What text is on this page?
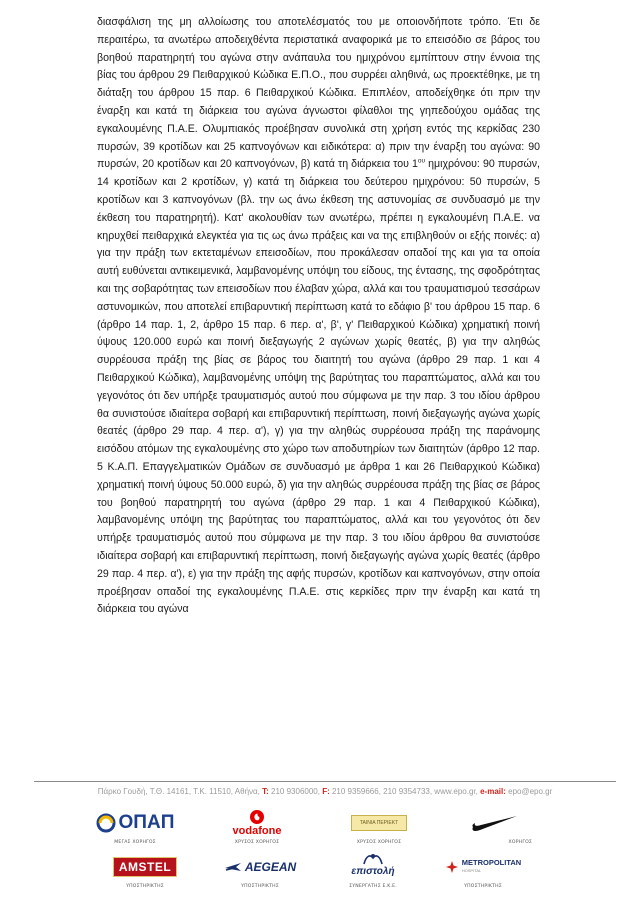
διασφάλιση της μη αλλοίωσης του αποτελέσματός του με οποιονδήποτε τρόπο. Έτι δε περαιτέρω, τα ανωτέρω αποδειχθέντα περιστατικά αναφορικά με το επεισόδιο σε βάρος του βοηθού παρατηρητή του αγώνα στην ανάπαυλα του ημιχρόνου εμπίπτουν στην έννοια της βίας του άρθρου 29 Πειθαρχικού Κώδικα Ε.Π.Ο., που συρρέει αληθινά, ως προεκτέθηκε, με τη διάταξη του άρθρου 15 παρ. 6 Πειθαρχικού Κώδικα. Επιπλέον, αποδείχθηκε ότι πριν την έναρξη και κατά τη διάρκεια του αγώνα άγνωστοι φίλαθλοι της γηπεδούχου ομάδας της εγκαλουμένης Π.Α.Ε. Ολυμπιακός προέβησαν συνολικά στη χρήση εντός της κερκίδας 230 πυρσών, 39 κροτίδων και 25 καπνογόνων και ειδικότερα: α) πριν την έναρξη του αγώνα: 90 πυρσών, 20 κροτίδων και 20 καπνογόνων, β) κατά τη διάρκεια του $1^{o\upsilon}$ ημιχρόνου: 90 πυρσών, 14 κροτίδων και 2 κροτίδων, γ) κατά τη διάρκεια του δεύτερου ημιχρόνου: 50 πυρσών, 5 κροτίδων και 3 καπνογόνων (βλ. την ως άνω έκθεση της αστυνομίας σε συνδυασμό με την έκθεση του παρατηρητή). Κατ' ακολουθίαν των ανωτέρω, πρέπει η εγκαλουμένη Π.Α.Ε. να κηρυχθεί πειθαρχικά ελεγκτέα για τις ως άνω πράξεις και να της επιβληθούν οι εξής ποινές: α) για την πράξη των εκτεταμένων επεισοδίων, που προκάλεσαν οπαδοί της και για τα οποία αυτή ευθύνεται αντικειμενικά, λαμβανομένης υπόψη του είδους, της έντασης, της σφοδρότητας και της σοβαρότητας των επεισοδίων που έλαβαν χώρα, αλλά και του τραυματισμού τεσσάρων αστυνομικών, που αποτελεί επιβαρυντική περίπτωση κατά το εδάφιο β' του άρθρου 15 παρ. 6 (άρθρο 14 παρ. 1, 2, άρθρο 15 παρ. 6 περ. α', β', γ' Πειθαρχικού Κώδικα) χρηματική ποινή ύψους 120.000 ευρώ και ποινή διεξαγωγής 2 αγώνων χωρίς θεατές, β) για την αληθώς συρρέουσα πράξη της βίας σε βάρος του διαιτητή του αγώνα (άρθρο 29 παρ. 1 και 4 Πειθαρχικού Κώδικα), λαμβανομένης υπόψη της βαρύτητας του παραπτώματος, αλλά και του γεγονότος ότι δεν υπήρξε τραυματισμός αυτού που σύμφωνα με την παρ. 3 του ιδίου άρθρου θα συνιστούσε ιδιαίτερα σοβαρή και επιβαρυντική περίπτωση, ποινή διεξαγωγής αγώνα χωρίς θεατές (άρθρο 29 παρ. 4 περ. α'), γ) για την αληθώς συρρέουσα πράξη της παράνομης εισόδου ατόμων της εγκαλουμένης στο χώρο των αποδυτηρίων των διαιτητών (άρθρο 12 παρ. 5 Κ.Α.Π. Επαγγελματικών Ομάδων σε συνδυασμό με άρθρα 1 και 26 Πειθαρχικού Κώδικα) χρηματική ποινή ύψους 50.000 ευρώ, δ) για την αληθώς συρρέουσα πράξη της βίας σε βάρος του βοηθού παρατηρητή του αγώνα (άρθρο 29 παρ. 1 και 4 Πειθαρχικού Κώδικα), λαμβανομένης υπόψη της βαρύτητας του παραπτώματος, αλλά και του γεγονότος ότι δεν υπήρξε τραυματισμός αυτού που σύμφωνα με την παρ. 3 του ιδίου άρθρου θα συνιστούσε ιδιαίτερα σοβαρή και επιβαρυντική περίπτωση, ποινή διεξαγωγής αγώνα χωρίς θεατές (άρθρο 29 παρ. 4 περ. α'), ε) για την πράξη της αφής πυρσών, κροτίδων και καπνογόνων, στην οποία προέβησαν οπαδοί της εγκαλουμένης Π.Α.Ε. στις κερκίδες πριν την έναρξη και κατά τη διάρκεια του αγώνα

Πάρκο Γουδή, Τ.Θ. 14161, Τ.Κ. 11510, Αθήνα, T: 210 9306000, F: 210 9359666, 210 9354733, www.epo.gr, e-mail: epo@epo.gr
ΟΠΑΠ
ΜΕΓΑΣ ΧΟΡΗΓΟΣ
vodafone
ΧΡΥΣΟΣ ΧΟΡΗΓΟΣ
ΤΑΙΝΙΑ ΠΕΡΙΕΚΤ
ΧΡΥΣΟΣ ΧΟΡΗΓΟΣ	ΧΟΡΗΓΟΣ
AMSTEL
ΥΠΟΣΤΗΡΙΚΤΗΣ
AEGEAN
ΥΠΟΣΤΗΡΙΚΤΗΣ
επιστολή
ΣΥΝΕΡΓΑΤΗΣ Ε.Κ.Ε.
METROPOLITAN
HOSPITAL
ΥΠΟΣΤΗΡΙΚΤΗΣ
